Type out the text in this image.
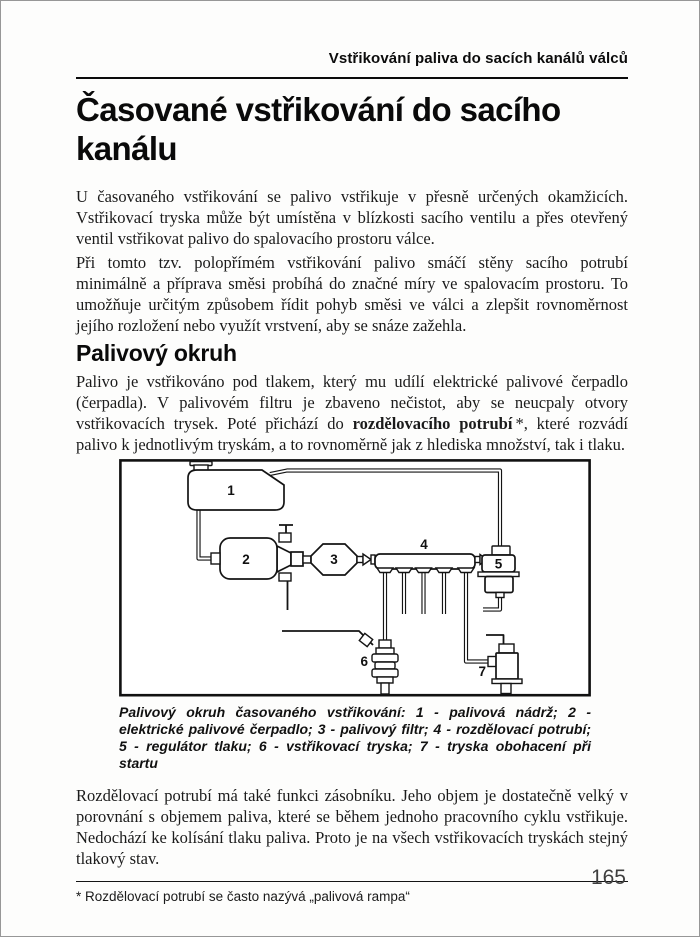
Vstřikování paliva do sacích kanálů válců
Časované vstřikování do sacího kanálu

U časovaného vstřikování se palivo vstřikuje v přesně určených okamžicích. Vstřikovací tryska může být umístěna v blízkosti sacího ventilu a přes otevřený ventil vstřikovat palivo do spalovacího prostoru válce.

Při tomto tzv. polopřímém vstřikování palivo smáčí stěny sacího potrubí minimálně a příprava směsi probíhá do značné míry ve spalovacím prostoru. To umožňuje určitým způsobem řídit pohyb směsi ve válci a zlepšit rovnoměrnost jejího rozložení nebo využít vrstvení, aby se snáze zažehla.

Palivový okruh

Palivo je vstřikováno pod tlakem, který mu udílí elektrické palivové čerpadlo (čerpadla). V palivovém filtru je zbaveno nečistot, aby se neucpaly otvory vstřikovacích trysek. Poté přichází do rozdělovacího potrubí *, které rozvádí palivo k jednotlivým tryskám, a to rovnoměrně jak z hlediska množství, tak i tlaku.

1
2	3
4
5
6
7
Palivový okruh časovaného vstřikování: 1 - palivová nádrž; 2 - elektrické palivové čerpadlo; 3 - palivový filtr; 4 - rozdělovací potrubí; 5 - regulátor tlaku; 6 - vstřikovací tryska; 7 - tryska obohacení při startu

Rozdělovací potrubí má také funkci zásobníku. Jeho objem je dostatečně velký v porovnání s objemem paliva, které se během jednoho pracovního cyklu vstřikuje. Nedochází ke kolísání tlaku paliva. Proto je na všech vstřikovacích tryskách stejný tlakový stav.

* Rozdělovací potrubí se často nazývá „palivová rampa“
165
